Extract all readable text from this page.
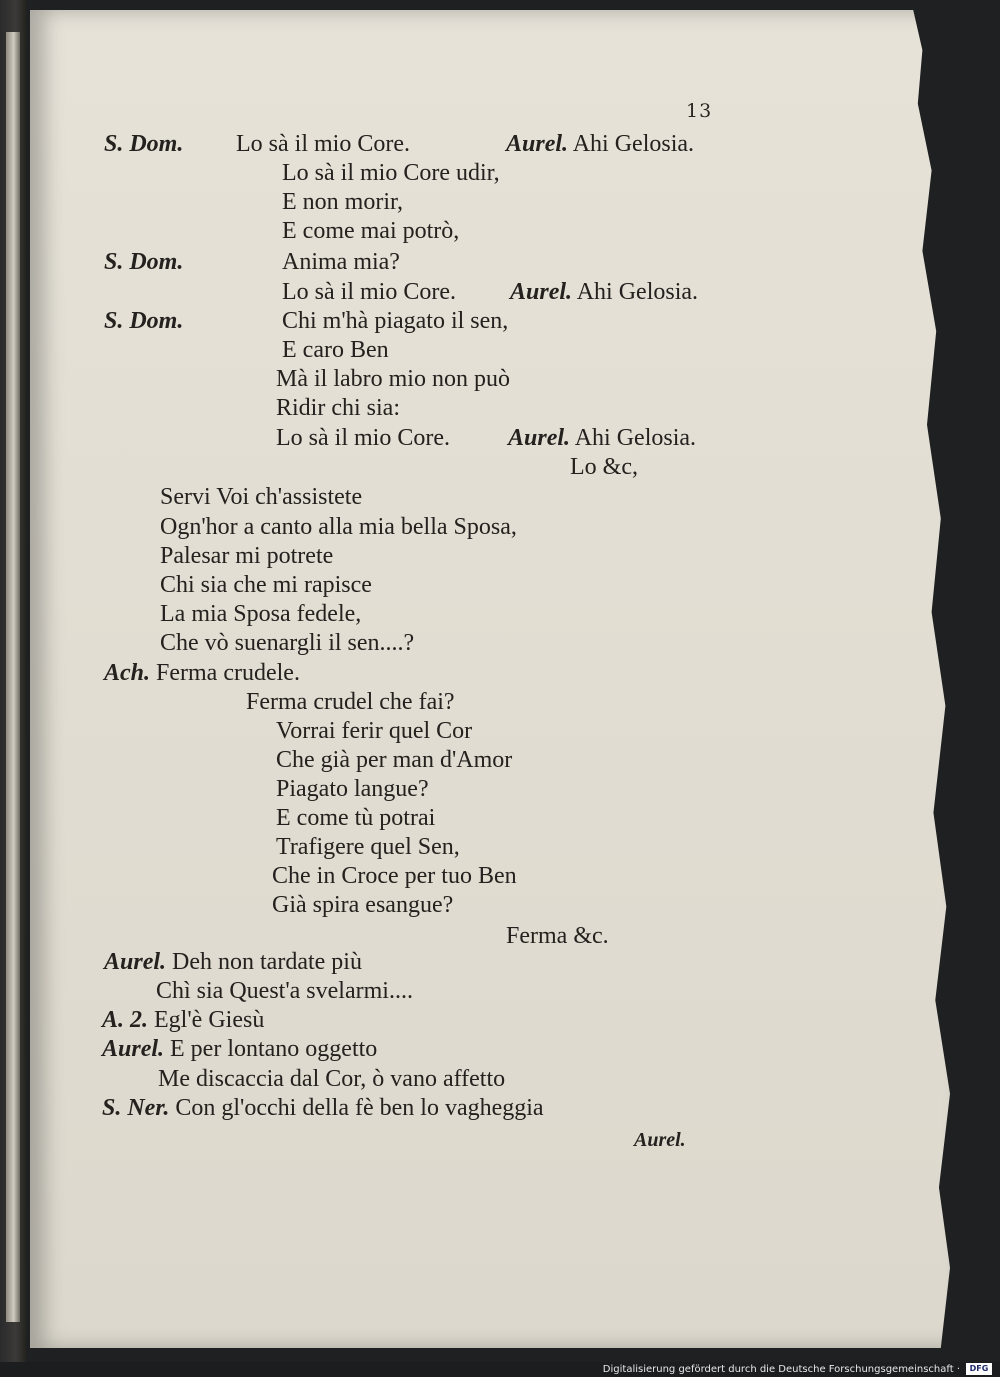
13
S. Dom. Lo sà il mio Core.	Aurel. Ahi Gelosia.
Lo sà il mio Core udir,
E non morir,
E come mai potrò,
S. Dom.	Anima mia?
Lo sà il mio Core. Aurel. Ahi Gelosia.
S. Dom.	Chi m'hà piagato il sen,
E caro Ben
Mà il labro mio non può
Ridir chi sia:
Lo sà il mio Core. Aurel. Ahi Gelosia.
Lo &c,
Servi Voi ch'assistete
Ogn'hor a canto alla mia bella Sposa,
Palesar mi potrete
Chi sia che mi rapisce
La mia Sposa fedele,
Che vò suenargli il sen....?
Ach. Ferma crudele.
Ferma crudel che fai?
Vorrai ferir quel Cor
Che già per man d'Amor
Piagato langue?
E come tù potrai
Trafigere quel Sen,
Che in Croce per tuo Ben
Già spira esangue?
Ferma &c.
Aurel. Deh non tardate più
Chì sia Quest'a svelarmi....
A. 2. Egl'è Giesù
Aurel. E per lontano oggetto
Me discaccia dal Cor, ò vano affetto
S. Ner. Con gl'occhi della fè ben lo vagheggia
Aurel.
Digitalisierung gefördert durch die Deutsche Forschungsgemeinschaft ·	DFG
